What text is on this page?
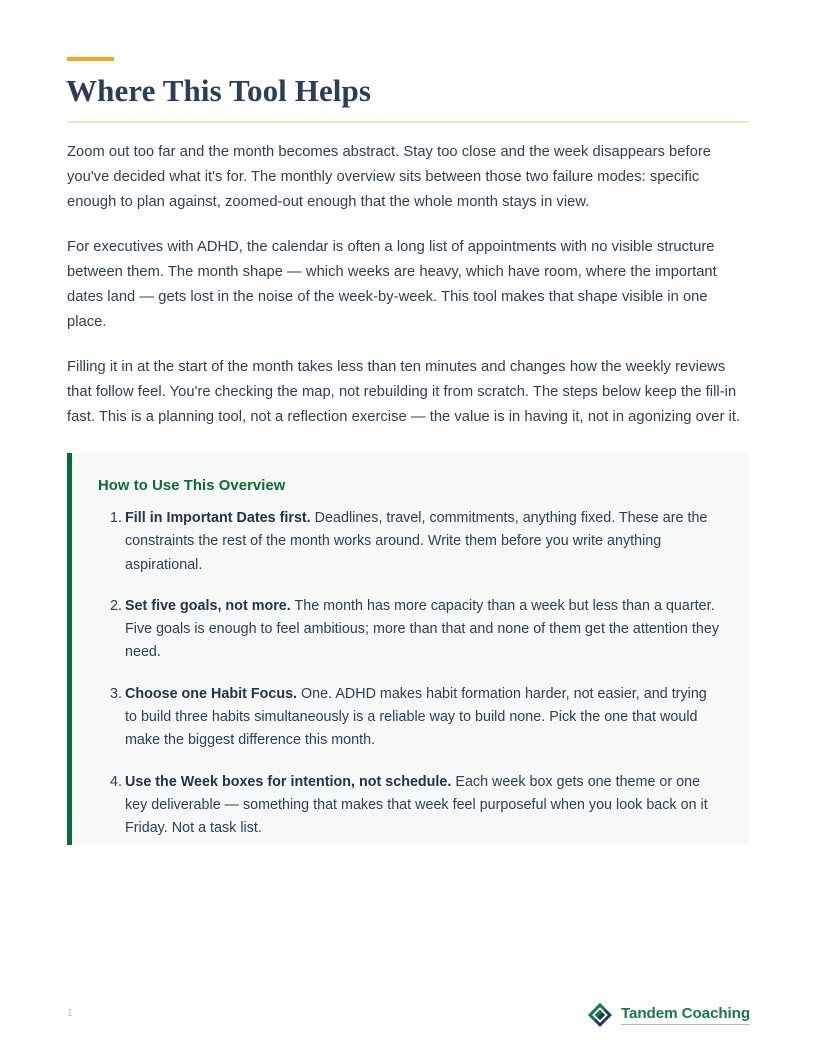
Where This Tool Helps

Zoom out too far and the month becomes abstract. Stay too close and the week disappears before you've decided what it's for. The monthly overview sits between those two failure modes: specific enough to plan against, zoomed-out enough that the whole month stays in view.

For executives with ADHD, the calendar is often a long list of appointments with no visible structure between them. The month shape — which weeks are heavy, which have room, where the important dates land — gets lost in the noise of the week-by-week. This tool makes that shape visible in one place.

Filling it in at the start of the month takes less than ten minutes and changes how the weekly reviews that follow feel. You're checking the map, not rebuilding it from scratch. The steps below keep the fill-in fast. This is a planning tool, not a reflection exercise — the value is in having it, not in agonizing over it.

How to Use This Overview
Fill in Important Dates first. Deadlines, travel, commitments, anything fixed. These are the constraints the rest of the month works around. Write them before you write anything aspirational.
Set five goals, not more. The month has more capacity than a week but less than a quarter. Five goals is enough to feel ambitious; more than that and none of them get the attention they need.
Choose one Habit Focus. One. ADHD makes habit formation harder, not easier, and trying to build three habits simultaneously is a reliable way to build none. Pick the one that would make the biggest difference this month.
Use the Week boxes for intention, not schedule. Each week box gets one theme or one key deliverable — something that makes that week feel purposeful when you look back on it Friday. Not a task list.
1	Tandem Coaching
